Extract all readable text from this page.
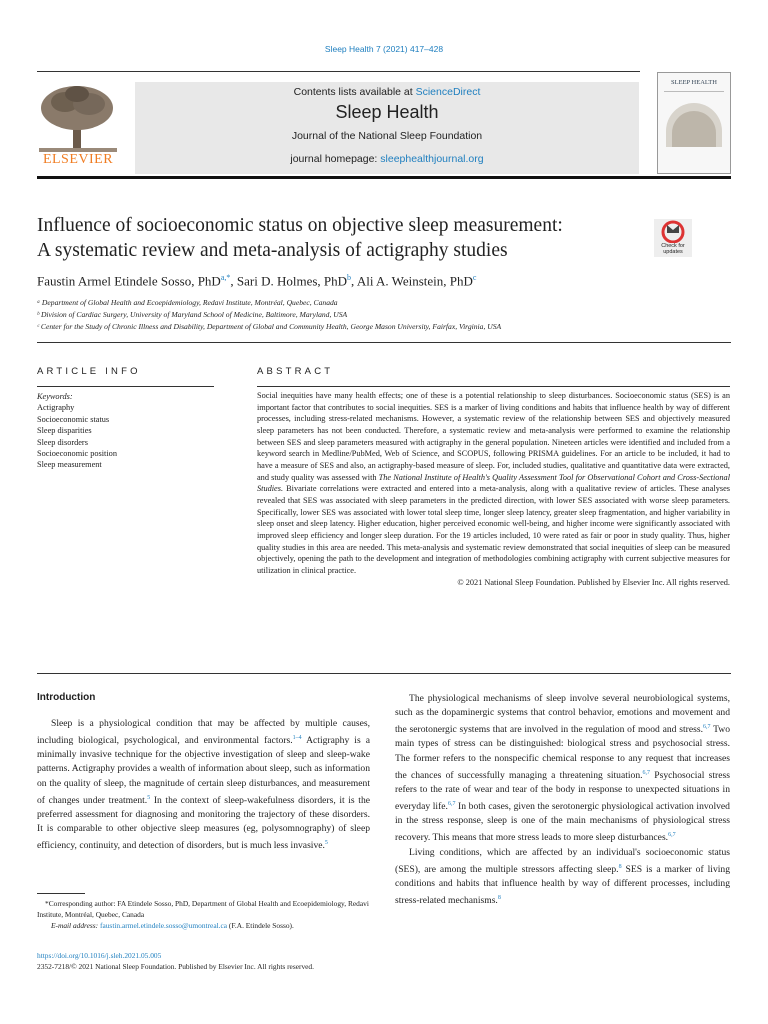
Sleep Health 7 (2021) 417–428
ELSEVIER
Contents lists available at ScienceDirect
Sleep Health
Journal of the National Sleep Foundation
journal homepage: sleephealthjournal.org
SLEEP HEALTH
Influence of socioeconomic status on objective sleep measurement:
A systematic review and meta-analysis of actigraphy studies	Check for updates
Faustin Armel Etindele Sosso, PhD$^{a,*}$, Sari D. Holmes, PhD$^b$, Ali A. Weinstein, PhD$^c$
ᵃ Department of Global Health and Ecoepidemiology, Redavi Institute, Montréal, Quebec, Canada
ᵇ Division of Cardiac Surgery, University of Maryland School of Medicine, Baltimore, Maryland, USA
ᶜ Center for the Study of Chronic Illness and Disability, Department of Global and Community Health, George Mason University, Fairfax, Virginia, USA
ARTICLE INFO
Keywords:
Actigraphy
Socioeconomic status
Sleep disparities
Sleep disorders
Socioeconomic position
Sleep measurement
ABSTRACT
Social inequities have many health effects; one of these is a potential relationship to sleep disturbances. Socioeconomic status (SES) is an important factor that contributes to social inequities. SES is a marker of living conditions and habits that influence health by way of different processes, including stress-related mechanisms. However, a systematic review of the relationship between SES and objectively measured sleep parameters has not been conducted. Therefore, a systematic review and meta-analysis were performed to examine the relationship between SES and sleep parameters measured with actigraphy in the general population. Nineteen articles were identified and included from a keyword search in Medline/PubMed, Web of Science, and SCOPUS, following PRISMA guidelines. For an article to be included, it had to have a measure of SES and also, an actigraphy-based measure of sleep. For, included studies, qualitative and quantitative data were extracted, and study quality was assessed with The National Institute of Health's Quality Assessment Tool for Observational Cohort and Cross-Sectional Studies. Bivariate correlations were extracted and entered into a meta-analysis, along with a qualitative review of articles. These analyses revealed that SES was associated with sleep parameters in the predicted direction, with lower SES associated with worse sleep parameters. Specifically, lower SES was associated with lower total sleep time, longer sleep latency, greater sleep fragmentation, and higher variability in sleep onset and sleep latency. Higher education, higher perceived economic well-being, and higher income were significantly associated with improved sleep efficiency and longer sleep duration. For the 19 articles included, 10 were rated as fair or poor in study quality. Thus, higher quality studies in this area are needed. This meta-analysis and systematic review demonstrated that social inequities of sleep can be measured objectively, opening the path to the development and integration of methodologies combining actigraphy with current subjective measures for utilization in clinical practice.
© 2021 National Sleep Foundation. Published by Elsevier Inc. All rights reserved.
Introduction

Sleep is a physiological condition that may be affected by multiple causes, including biological, psychological, and environmental factors.$^{1-4}$ Actigraphy is a minimally invasive technique for the objective investigation of sleep and sleep-wake patterns. Actigraphy provides a wealth of information about sleep, such as information on the quality of sleep, the magnitude of certain sleep disturbances, and measurement of changes under treatment.$^5$ In the context of sleep-wakefulness disorders, it is the preferred assessment for diagnosing and monitoring the trajectory of these disorders. It is comparable to other objective sleep measures (eg, polysomnography) of sleep efficiency, continuity, and detection of disorders, but is much less invasive.$^5$

*Corresponding author: FA Etindele Sosso, PhD, Department of Global Health and Ecoepidemiology, Redavi Institute, Montréal, Quebec, Canada
E-mail address: faustin.armel.etindele.sosso@umontreal.ca (F.A. Etindele Sosso).

The physiological mechanisms of sleep involve several neurobiological systems, such as the dopaminergic systems that control behavior, emotions and movement and the serotonergic systems that are involved in the regulation of mood and stress.$^{6,7}$ Two main types of stress can be distinguished: biological stress and psychosocial stress. The former refers to the nonspecific chemical response to any request that increases the chances of successfully managing a threatening situation.$^{6,7}$ Psychosocial stress refers to the rate of wear and tear of the body in response to unexpected situations in everyday life.$^{6,7}$ In both cases, given the serotonergic physiological activation involved in the stress response, sleep is one of the main mechanisms of physiological stress recovery. This means that more stress leads to more sleep disturbances.$^{6,7}$

Living conditions, which are affected by an individual's socioeconomic status (SES), are among the multiple stressors affecting sleep.$^8$ SES is a marker of living conditions and habits that influence health by way of different processes, including stress-related mechanisms.$^8$

https://doi.org/10.1016/j.sleh.2021.05.005
2352-7218/© 2021 National Sleep Foundation. Published by Elsevier Inc. All rights reserved.
